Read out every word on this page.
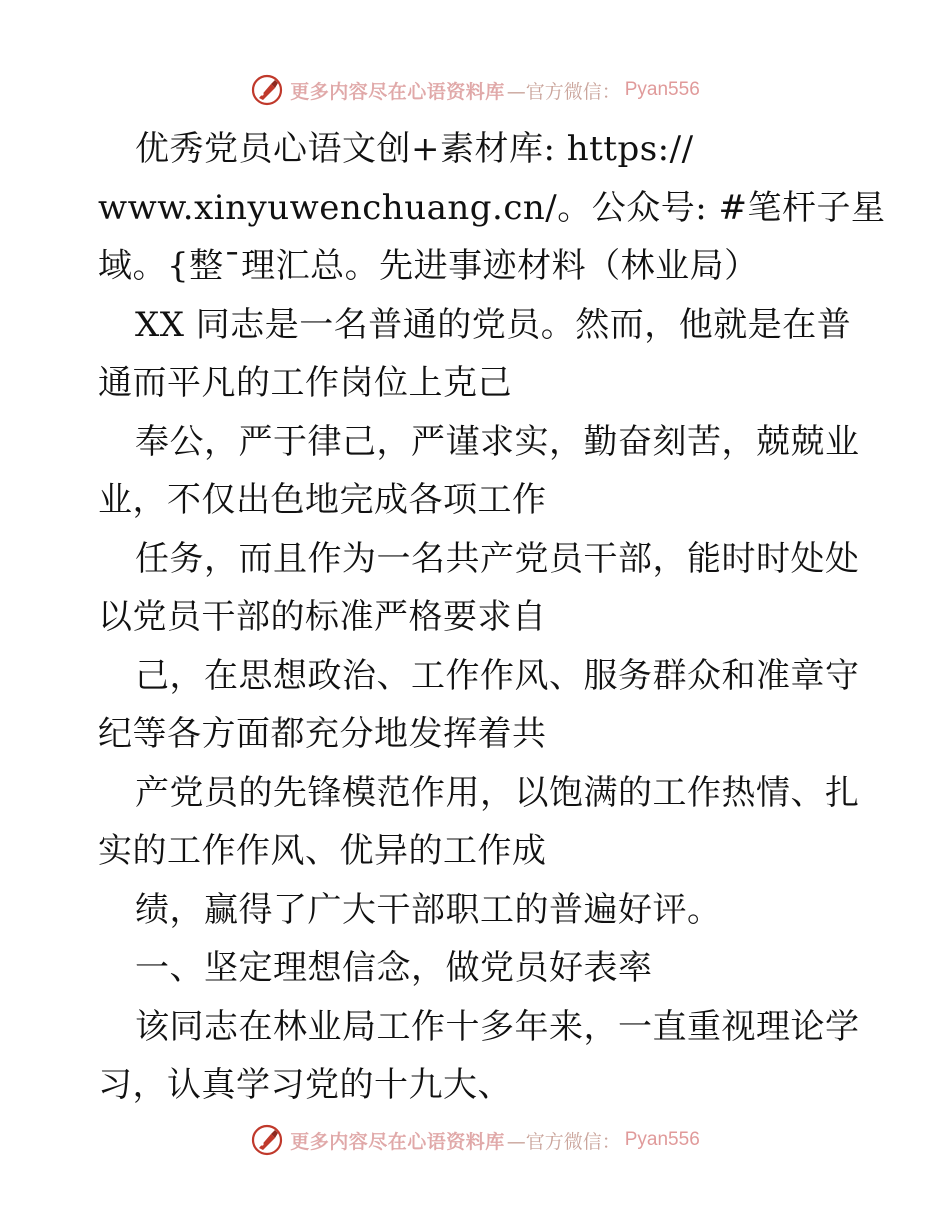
更多内容尽在心语资料库 —官方微信： Pyan556
优秀党员心语文创+素材库: https://
www.xinyuwenchuang.cn/。公众号: #笔杆子星
域。{整¯理汇总。先进事迹材料（林业局）
XX 同志是一名普通的党员。然而，他就是在普
通而平凡的工作岗位上克己
奉公，严于律己，严谨求实，勤奋刻苦，兢兢业
业，不仅出色地完成各项工作
任务，而且作为一名共产党员干部，能时时处处
以党员干部的标准严格要求自
己，在思想政治、工作作风、服务群众和准章守
纪等各方面都充分地发挥着共
产党员的先锋模范作用，以饱满的工作热情、扎
实的工作作风、优异的工作成
绩，赢得了广大干部职工的普遍好评。
一、坚定理想信念，做党员好表率
该同志在林业局工作十多年来，一直重视理论学
习，认真学习党的十九大、
更多内容尽在心语资料库 —官方微信： Pyan556
